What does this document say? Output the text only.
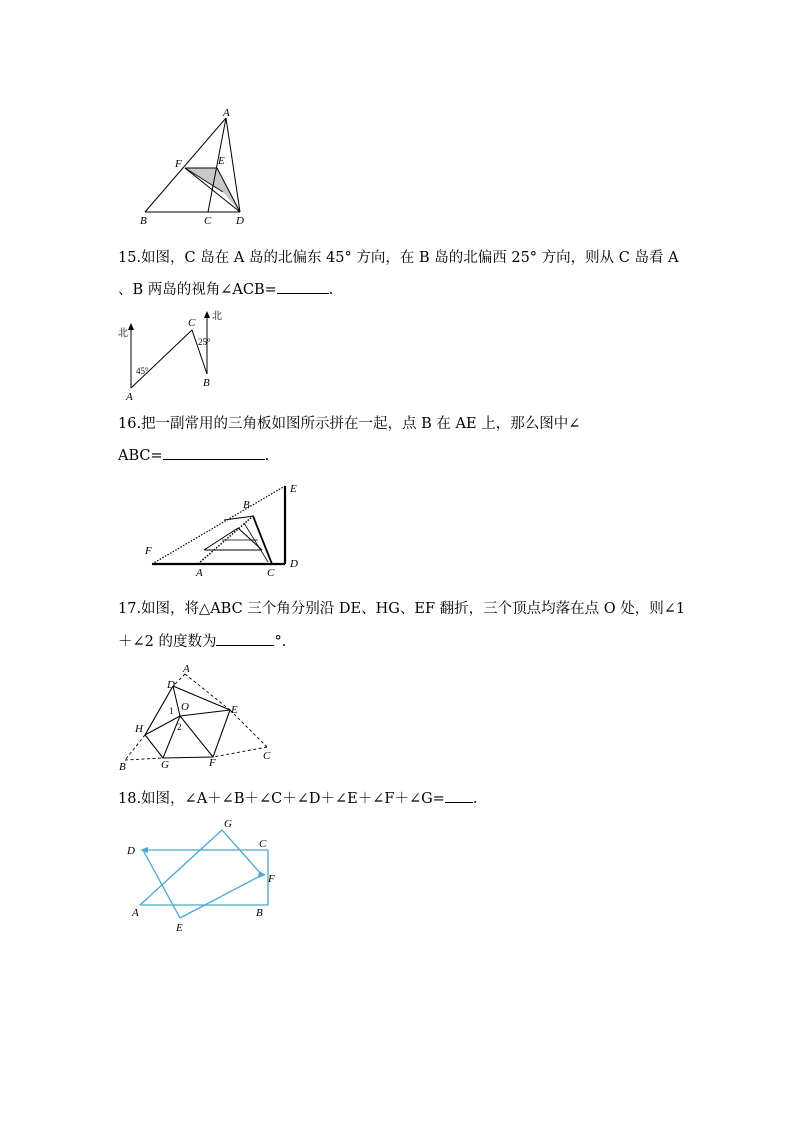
A
F	E
B	C D
15.如图，C 岛在 A 岛的北偏东 45° 方向，在 B 岛的北偏西 25° 方向，则从 C 岛看 A
、B 两岛的视角∠ACB=	.
北
北
45°
25°
C
A
B
16.把一副常用的三角板如图所示拼在一起，点 B 在 AE 上，那么图中∠
ABC=	.
E
B
F
A	C
D
17.如图，将△ABC 三个角分别沿 DE、HG、EF 翻折，三个顶点均落在点 O 处，则∠1
＋∠2 的度数为	°.
A
D
O
1
2
E
H
B	G	F
C
18.如图，∠A＋∠B＋∠C＋∠D＋∠E＋∠F＋∠G= .
G
D
C
F
A	B
E
